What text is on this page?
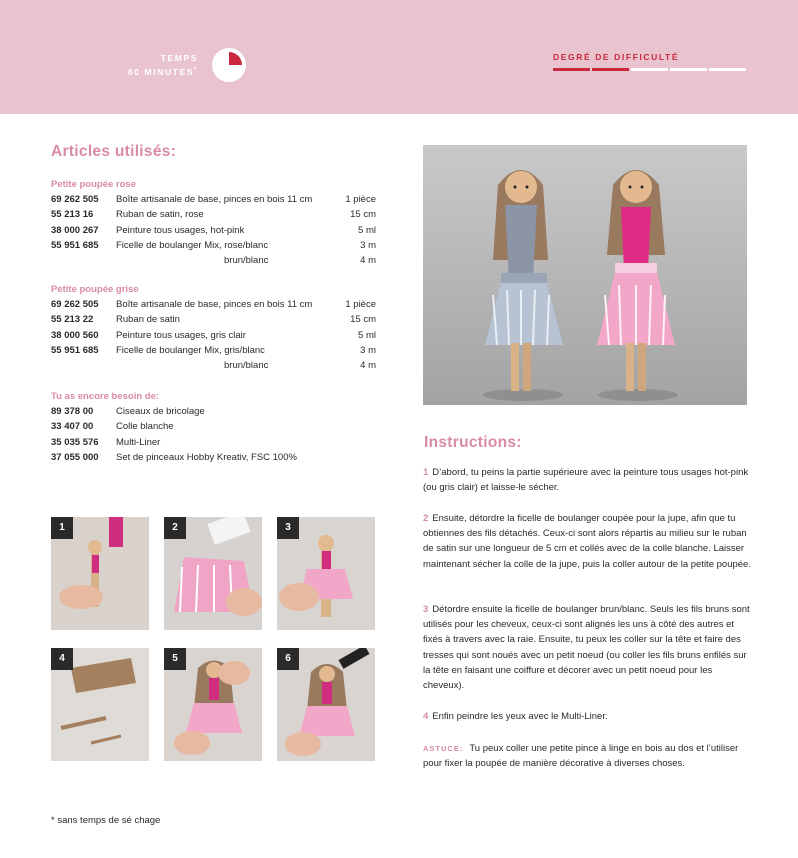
TEMPS
60 MINUTES*
DEGRÉ DE DIFFICULTÉ
Articles utilisés:
Petite poupée rose
69 262 505	Boîte artisanale de base, pinces en bois 11 cm	1 pièce
55 213 16	Ruban de satin, rose	15 cm
38 000 267	Peinture tous usages, hot-pink	5 ml
55 951 685	Ficelle de boulanger Mix, rose/blanc	3 m
brun/blanc	4 m
Petite poupée grise
69 262 505	Boîte artisanale de base, pinces en bois 11 cm	1 pièce
55 213 22	Ruban de satin	15 cm
38 000 560	Peinture tous usages, gris clair	5 ml
55 951 685	Ficelle de boulanger Mix, gris/blanc	3 m
brun/blanc	4 m
Tu as encore besoin de:
89 378 00	Ciseaux de bricolage
33 407 00	Colle blanche
35 035 576	Multi-Liner
37 055 000	Set de pinceaux Hobby Kreativ, FSC 100%
1	2	3
4	5	6
Instructions:
1 D’abord, tu peins la partie supérieure avec la peinture tous usages hot-pink (ou gris clair) et laisse-le sécher.
2 Ensuite, détordre la ficelle de boulanger coupée pour la jupe, afin que tu obtiennes des fils détachés. Ceux-ci sont alors répartis au milieu sur le ruban de satin sur une longueur de 5 cm et collés avec de la colle blanche. Laisser maintenant sécher la colle de la jupe, puis la coller autour de la petite poupée.
3 Détordre ensuite la ficelle de boulanger brun/blanc. Seuls les fils bruns sont utilisés pour les cheveux, ceux-ci sont alignés les uns à côté des autres et fixés à travers avec la raie. Ensuite, tu peux les coller sur la tête et faire des tresses qui sont noués avec un petit noeud (ou coller les fils bruns enfilés sur la tête en faisant une coiffure et décorer avec un petit noeud pour les cheveux).
4 Enfin peindre les yeux avec le Multi-Liner.
ASTUCE: Tu peux coller une petite pince à linge en bois au dos et l’utiliser pour fixer la poupée de manière décorative à diverses choses.
* sans temps de sé chage
